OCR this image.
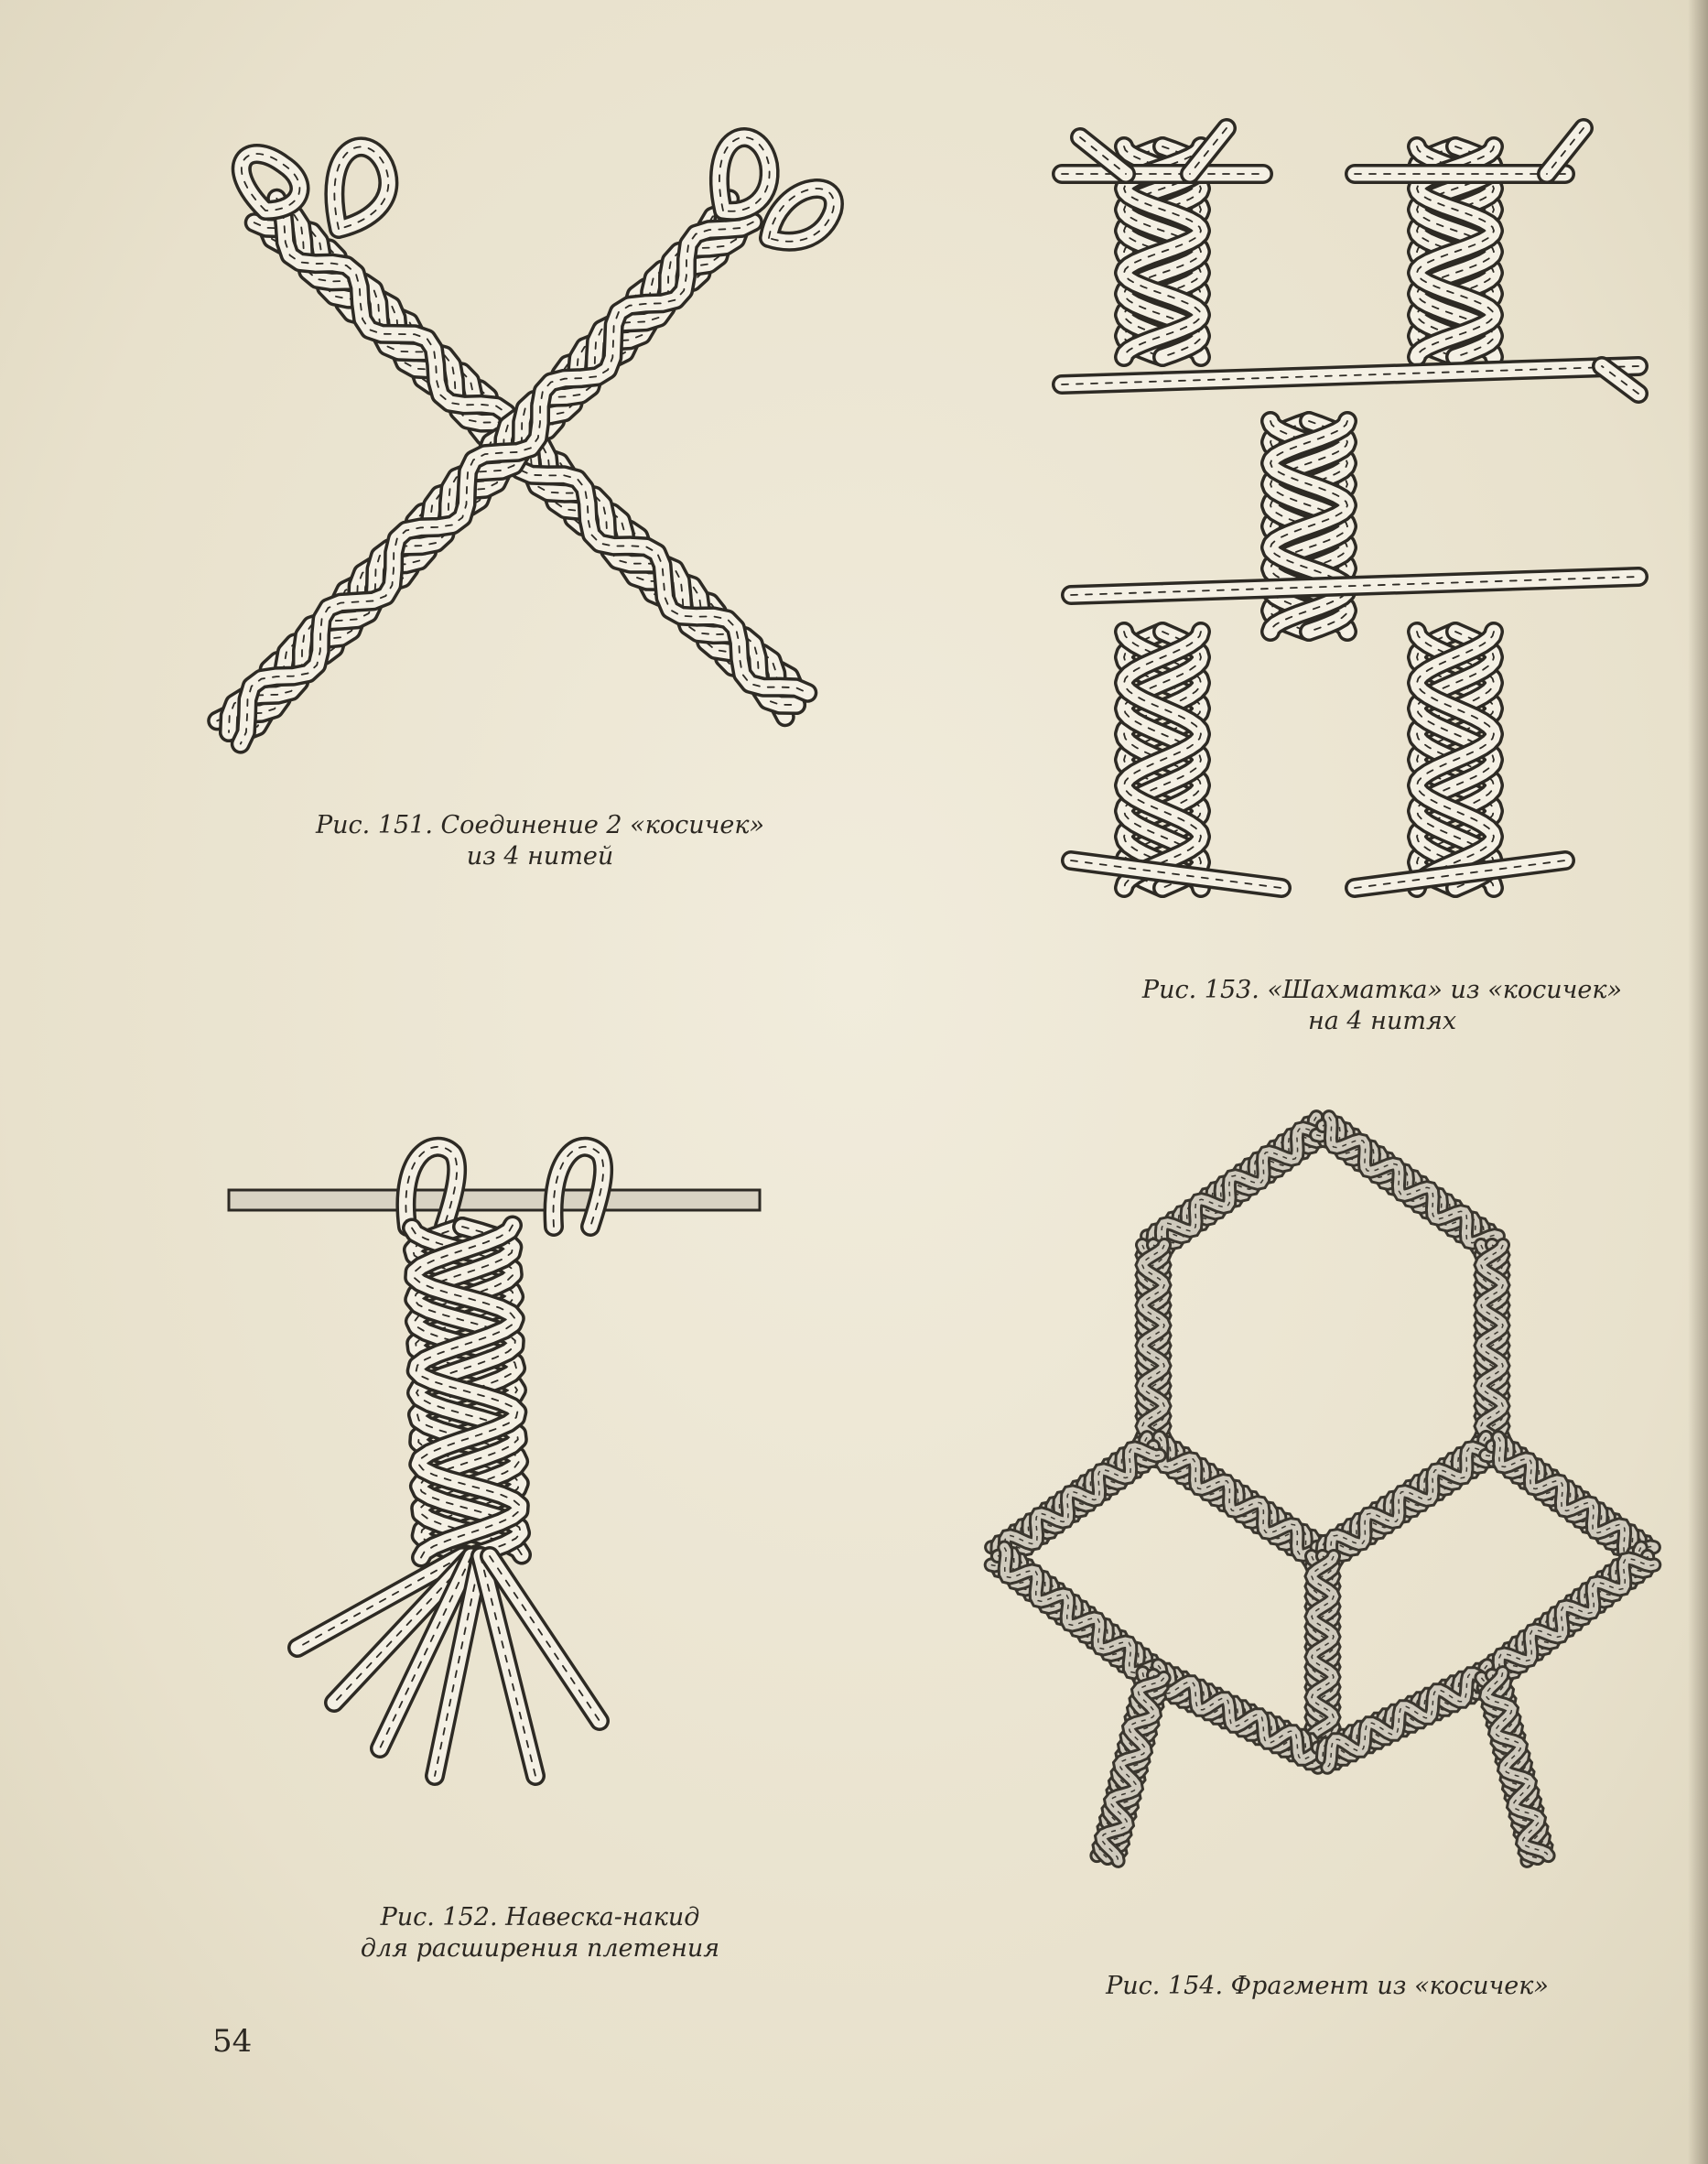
Рис. 151. Соединение 2 «косичек»
из 4 нитей
Рис. 153. «Шахматка» из «косичек»
на 4 нитях
Рис. 152. Навеска-накид
для расширения плетения
Рис. 154. Фрагмент из «косичек»
54
